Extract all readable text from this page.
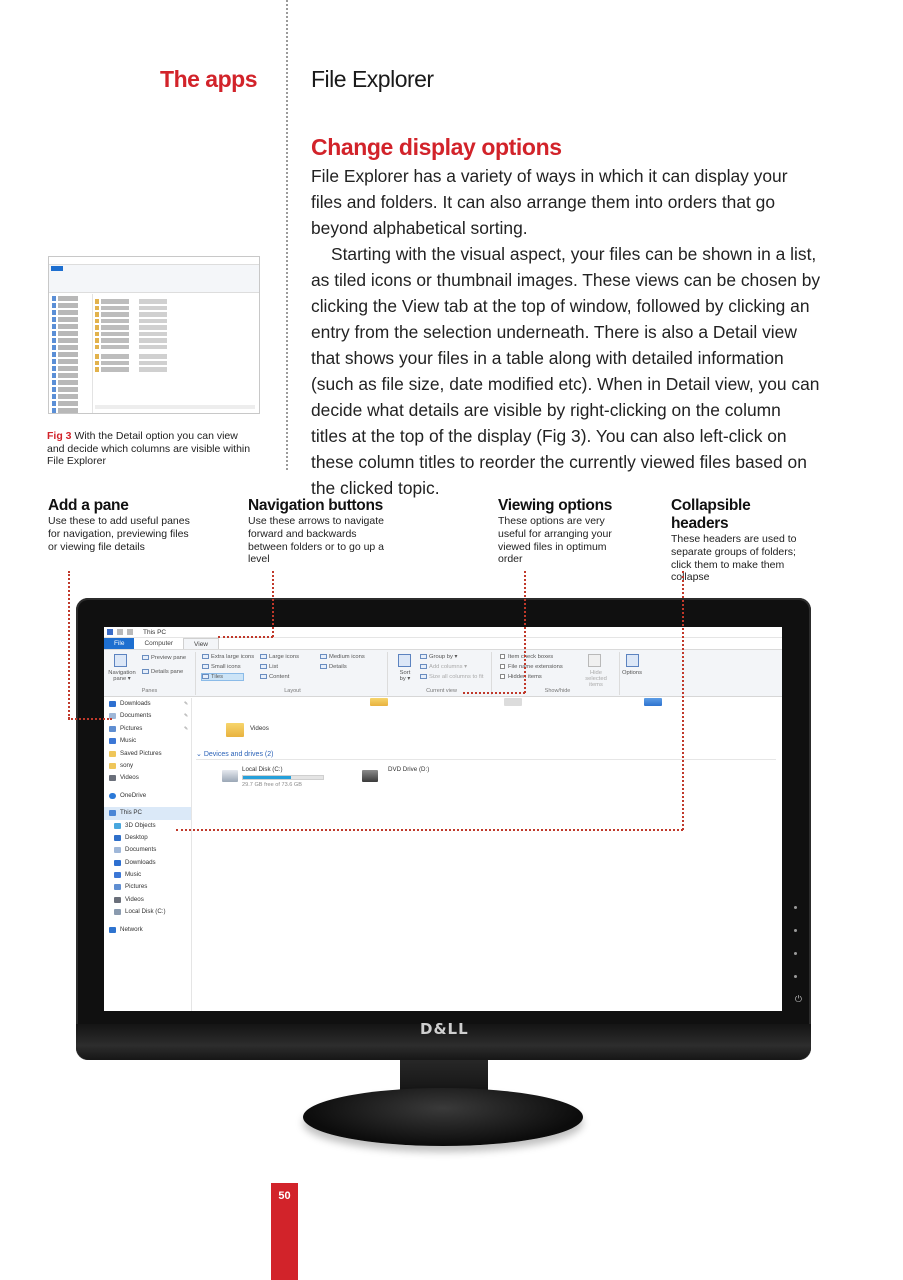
The apps File Explorer
Change display options

File Explorer has a variety of ways in which it can display your files and folders. It can also arrange them into orders that go beyond alphabetical sorting.

Starting with the visual aspect, your files can be shown in a list, as tiled icons or thumbnail images. These views can be chosen by clicking the View tab at the top of window, followed by clicking an entry from the selection underneath. There is also a Detail view that shows your files in a table along with detailed information (such as file size, date modified etc). When in Detail view, you can decide what details are visible by right-clicking on the column titles at the top of the display (Fig 3). You can also left-click on these column titles to reorder the currently viewed files based on the clicked topic.

Fig 3 With the Detail option you can view and decide which columns are visible within File Explorer
Add a pane

Use these to add useful panes for navigation, previewing files or viewing file details

Navigation buttons

Use these arrows to navigate forward and backwards between folders or to go up a level

Viewing options

These options are very useful for arranging your viewed files in optimum order

Collapsible headers

These headers are used to separate groups of folders; click them to make them collapse

D&LL
⏻
This PC
File	Computer	View
Navigation pane ▾
Preview pane
Details pane
Panes
Extra large icons	Large icons	Medium icons
Small icons	List	Details
Tiles	Content
Layout
Sort by ▾
Group by ▾
Add columns ▾
Size all columns to fit
Current view
Item check boxes
File name extensions
Hidden items
Hide selected items
Show/hide
Options
Downloads	✎
Documents	✎
Pictures	✎
Music
Saved Pictures
sony
Videos
OneDrive
This PC
3D Objects
Desktop
Documents
Downloads
Music
Pictures
Videos
Local Disk (C:)
Network
Videos
⌄ Devices and drives (2)
Local Disk (C:)
29.7 GB free of 73.6 GB
DVD Drive (D:)
50
